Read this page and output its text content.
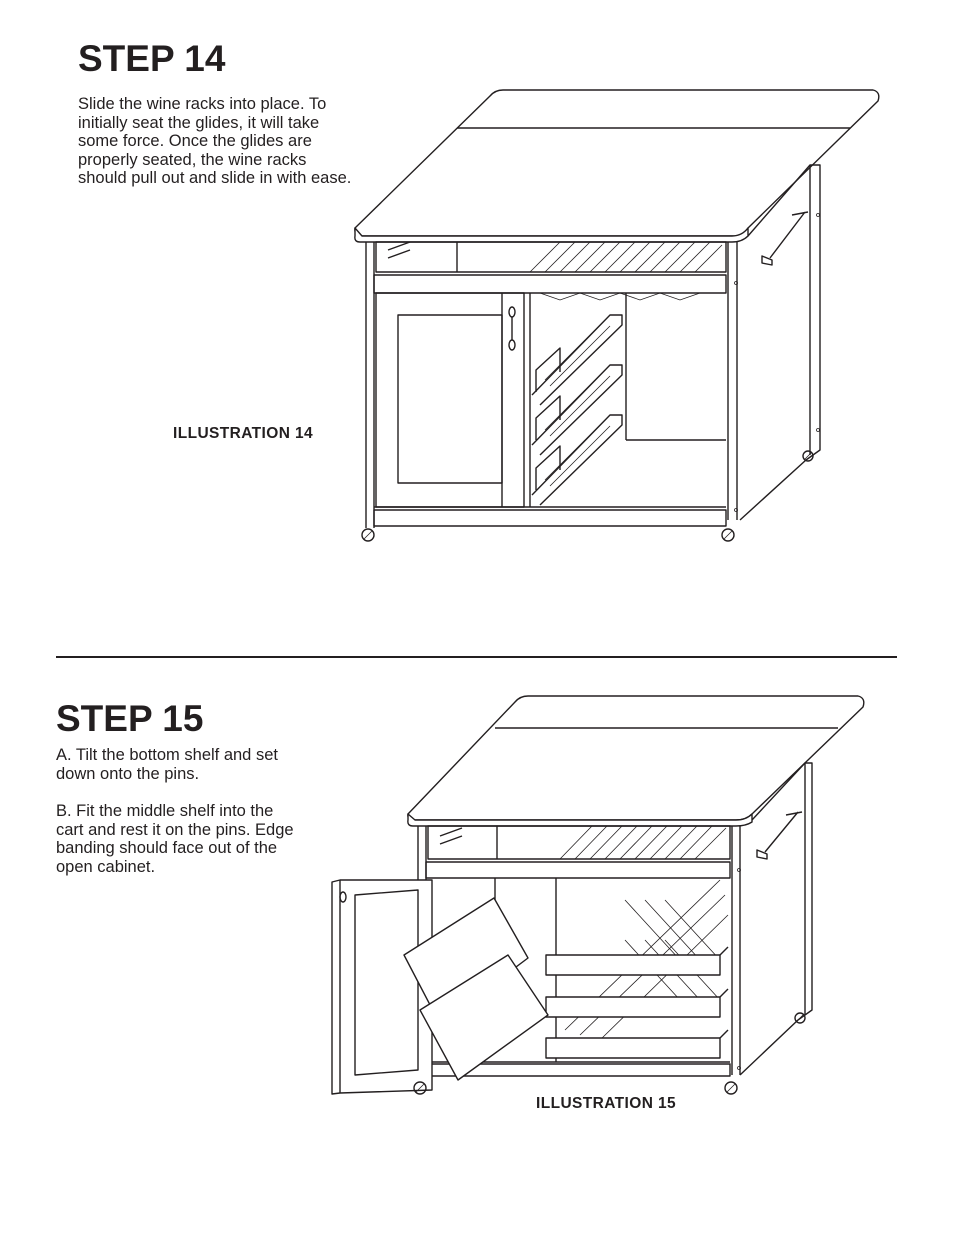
STEP 14

Slide the wine racks into place. To
initially seat the glides, it will take
some force. Once the glides are
properly seated, the wine racks
should pull out and slide in with ease.

ILLUSTRATION 14

STEP 15

A. Tilt the bottom shelf and set
down onto the pins.

B. Fit the middle shelf into the
cart and rest it on the pins. Edge
banding should face out of the
open cabinet.

ILLUSTRATION 15
